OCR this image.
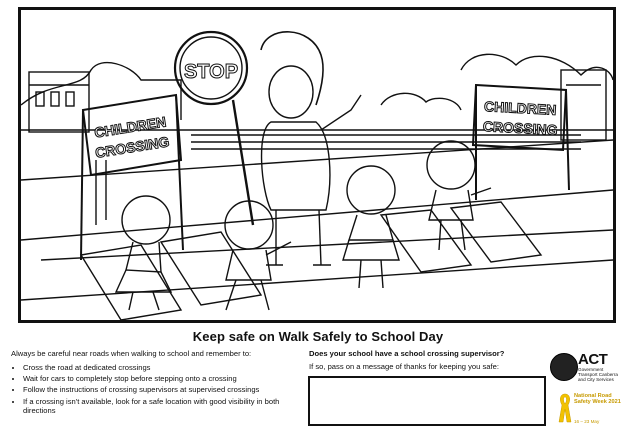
STOP
CHILDREN
CROSSING
CHILDREN
CROSSING
Keep safe on Walk Safely to School Day
Always be careful near roads when walking to school and remember to:
• Cross the road at dedicated crossings
• Wait for cars to completely stop before stepping onto a crossing
• Follow the instructions of crossing supervisors at supervised crossings
• If a crossing isn't available, look for a safe location with good visibility in both directions
Does your school have a school crossing supervisor?
If so, pass on a message of thanks for keeping you safe:	ACT
Government
Transport Canberra and City Services
National Road Safety Week 2021
16 – 23 May
